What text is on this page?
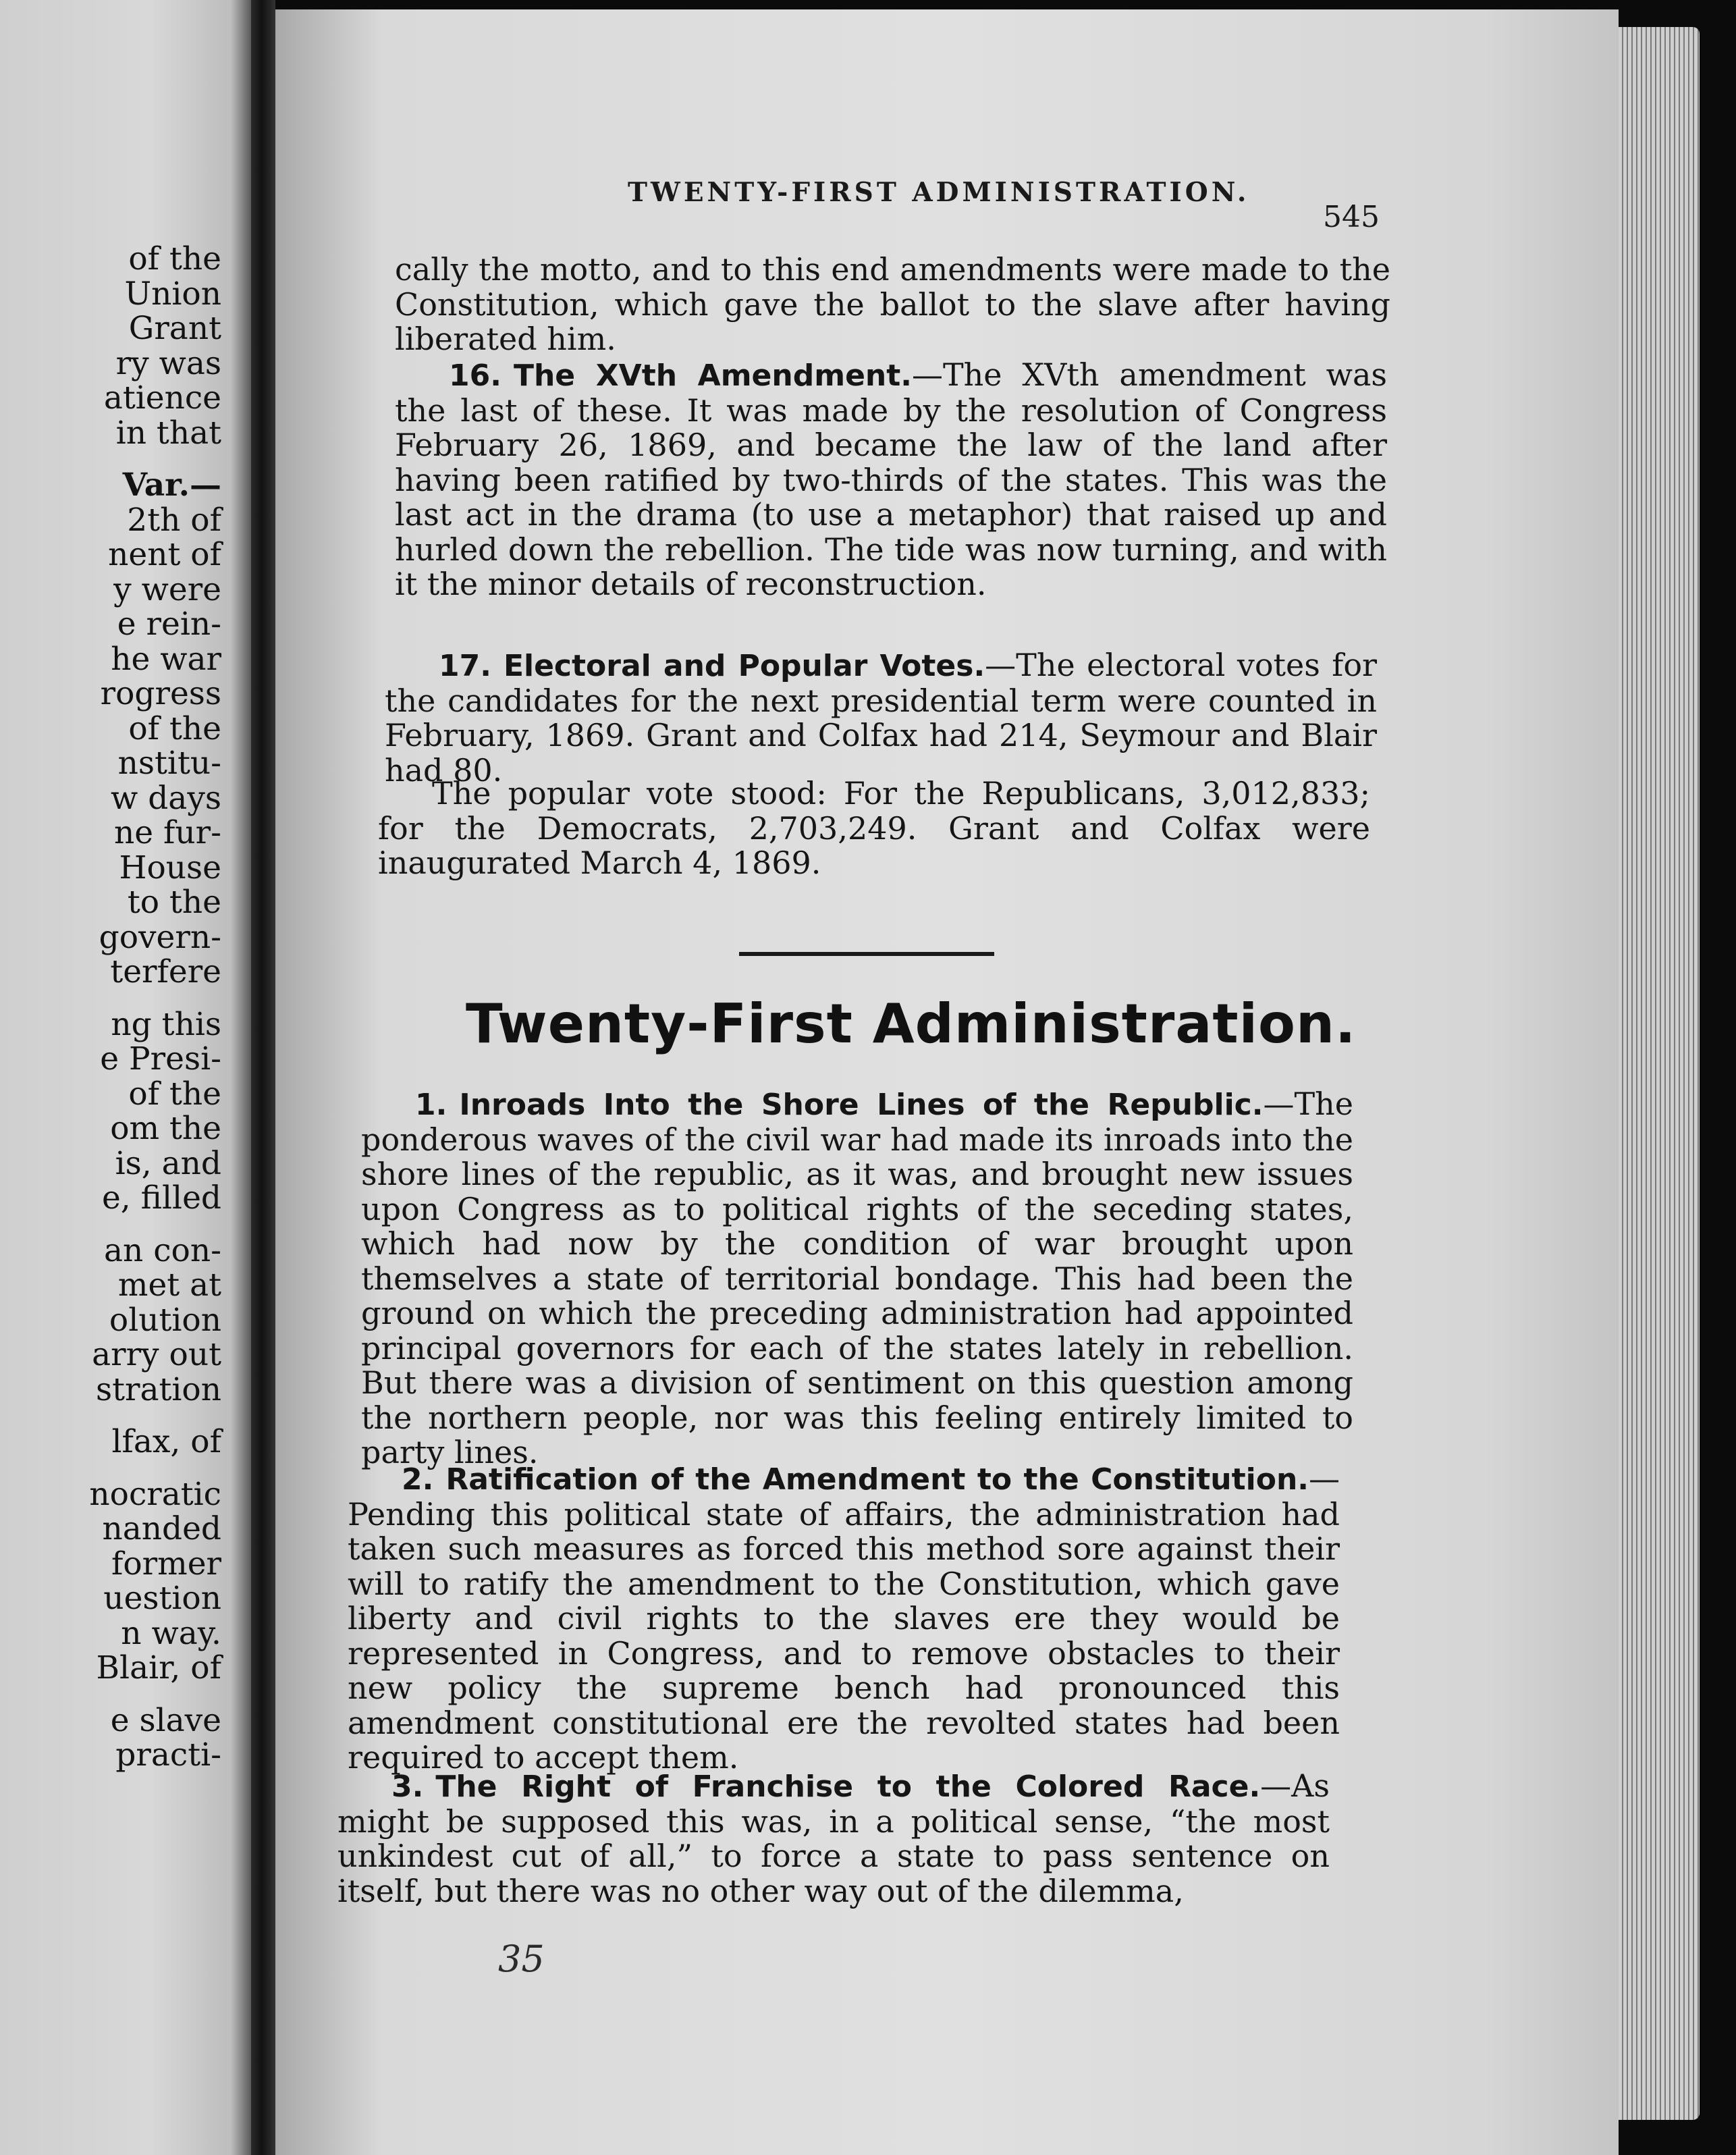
of the
Union
Grant
ry was
atience
in that
Var.—
2th of
nent of
y were
e rein-
he war
rogress
of the
nstitu-
w days
ne fur-
House
to the
govern-
terfere
ng this
e Presi-
of the
om the
is, and
e, filled
an con-
met at
olution
arry out
stration
lfax, of
nocratic
nanded
former
uestion
n way.
Blair, of
e slave
practi-
TWENTY-FIRST ADMINISTRATION.
545
cally the motto, and to this end amendments were made to the Constitution, which gave the ballot to the slave after having liberated him.
16. The XVth Amendment.—The XVth amendment was the last of these. It was made by the resolution of Congress February 26, 1869, and became the law of the land after having been ratified by two-thirds of the states. This was the last act in the drama (to use a metaphor) that raised up and hurled down the rebellion. The tide was now turning, and with it the minor details of reconstruction.
17. Electoral and Popular Votes.—The electoral votes for the candidates for the next presidential term were counted in February, 1869. Grant and Colfax had 214, Seymour and Blair had 80.
The popular vote stood: For the Republicans, 3,012,833; for the Democrats, 2,703,249. Grant and Colfax were inaugurated March 4, 1869.
Twenty-First Administration.
1. Inroads Into the Shore Lines of the Republic.—The ponderous waves of the civil war had made its inroads into the shore lines of the republic, as it was, and brought new issues upon Congress as to political rights of the seceding states, which had now by the condition of war brought upon themselves a state of territorial bondage. This had been the ground on which the preceding administration had appointed principal governors for each of the states lately in rebellion. But there was a division of sentiment on this question among the northern people, nor was this feeling entirely limited to party lines.
2. Ratification of the Amendment to the Constitution.—Pending this political state of affairs, the administration had taken such measures as forced this method sore against their will to ratify the amendment to the Constitution, which gave liberty and civil rights to the slaves ere they would be represented in Congress, and to remove obstacles to their new policy the supreme bench had pronounced this amendment constitutional ere the revolted states had been required to accept them.
3. The Right of Franchise to the Colored Race.—As might be supposed this was, in a political sense, “the most unkindest cut of all,” to force a state to pass sentence on itself, but there was no other way out of the dilemma,
35
